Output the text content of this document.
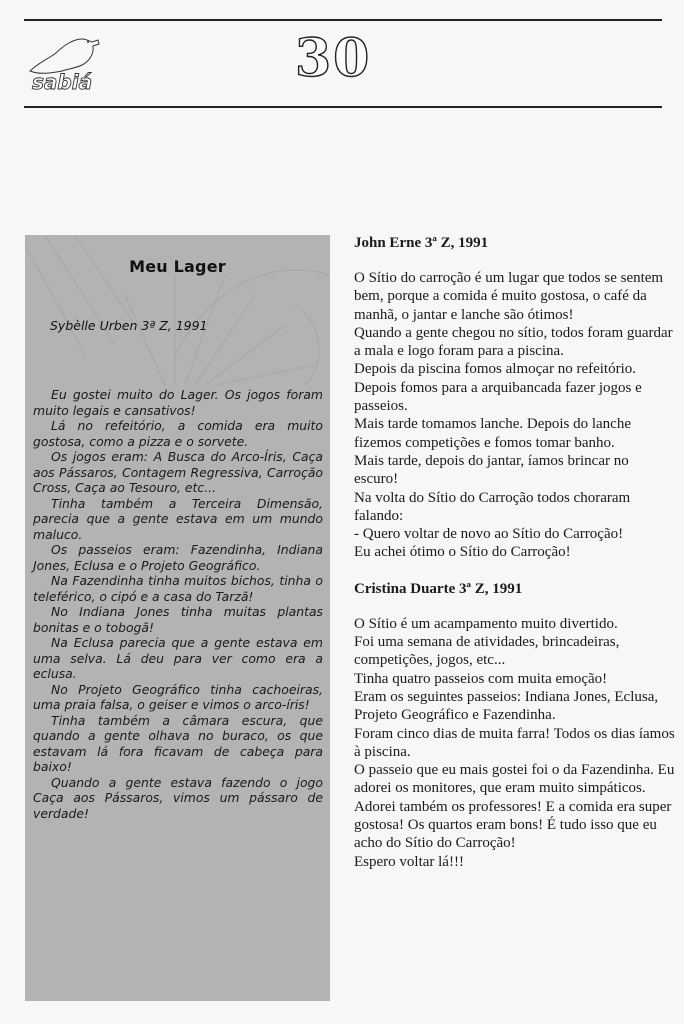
sabiá	30
Meu Lager
Sybèlle Urben 3ª Z, 1991

Eu gostei muito do Lager. Os jogos foram muito legais e cansativos!

Lá no refeitório, a comida era muito gostosa, como a pizza e o sorvete.

Os jogos eram: A Busca do Arco-Íris, Caça aos Pássaros, Contagem Regressiva, Carroção Cross, Caça ao Tesouro, etc...

Tinha também a Terceira Dimensão, parecia que a gente estava em um mundo maluco.

Os passeios eram: Fazendinha, Indiana Jones, Eclusa e o Projeto Geográfico.

Na Fazendinha tinha muitos bichos, tinha o teleférico, o cipó e a casa do Tarzã!

No Indiana Jones tinha muitas plantas bonitas e o tobogã!

Na Eclusa parecia que a gente estava em uma selva. Lá deu para ver como era a eclusa.

No Projeto Geográfico tinha cachoeiras, uma praia falsa, o geiser e vimos o arco-íris!

Tinha também a câmara escura, que quando a gente olhava no buraco, os que estavam lá fora ficavam de cabeça para baixo!

Quando a gente estava fazendo o jogo Caça aos Pássaros, vimos um pássaro de verdade!

John Erne 3ª Z, 1991

O Sítio do carroção é um lugar que todos se sentem bem, porque a comida é muito gostosa, o café da manhã, o jantar e lanche são ótimos!

Quando a gente chegou no sítio, todos foram guardar a mala e logo foram para a piscina.

Depois da piscina fomos almoçar no refeitório. Depois fomos para a arquibancada fazer jogos e passeios.

Mais tarde tomamos lanche. Depois do lanche fizemos competições e fomos tomar banho.

Mais tarde, depois do jantar, íamos brincar no escuro!

Na volta do Sítio do Carroção todos choraram falando:

- Quero voltar de novo ao Sítio do Carroção!

Eu achei ótimo o Sítio do Carroção!

Cristina Duarte 3ª Z, 1991

O Sítio é um acampamento muito divertido.

Foi uma semana de atividades, brincadeiras, competições, jogos, etc...

Tinha quatro passeios com muita emoção!

Eram os seguintes passeios: Indiana Jones, Eclusa, Projeto Geográfico e Fazendinha.

Foram cinco dias de muita farra! Todos os dias íamos à piscina.

O passeio que eu mais gostei foi o da Fazendinha. Eu adorei os monitores, que eram muito simpáticos. Adorei também os professores! E a comida era super gostosa! Os quartos eram bons! É tudo isso que eu acho do Sítio do Carroção!

Espero voltar lá!!!
